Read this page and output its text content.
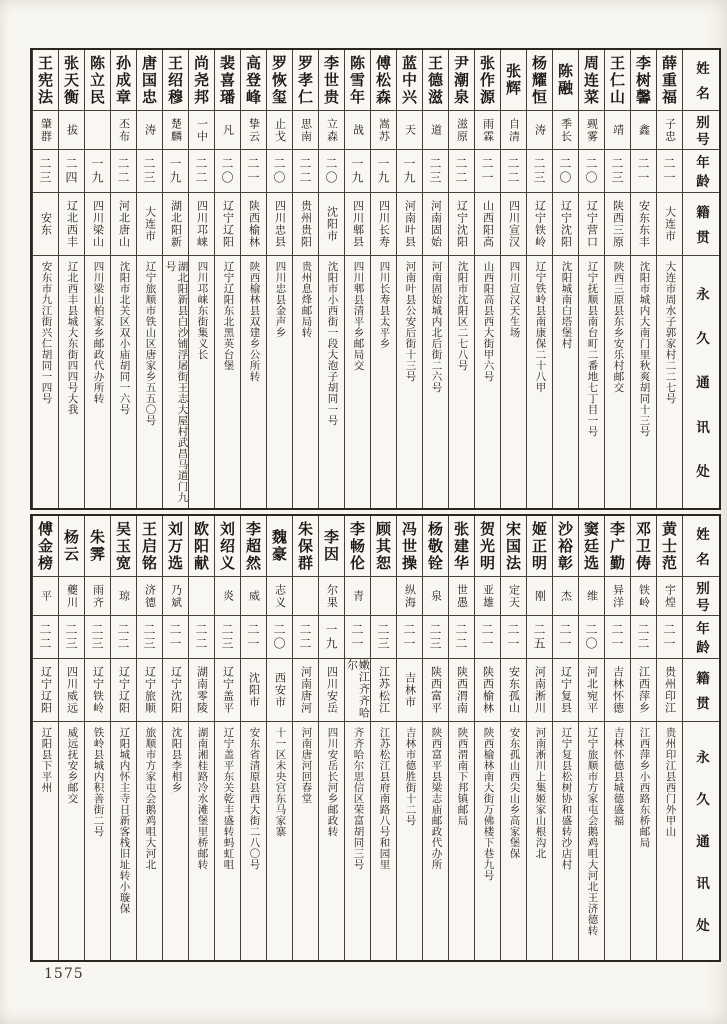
姓
名
别
号
年
龄
籍
贯
永
久
通
讯
处
薛重福
子忠
二一
大连市
大连市周水子郭家村二二七号
李树馨
鑫
二一
安东东丰
沈阳市城内大南门里秋爽胡同十三号
王仁山
靖
二三
陕西三原
陕西三原县东乡安乐村邮交
周连菜
觋雾
二〇
辽宁营口
辽宁抚顺县南台町二番地七丁目一号
陈融
季长
二〇
辽宁沈阳
沈阳城南白塔堡村
杨耀恒
涛
二三
辽宁铁岭
辽宁铁岭县南康保二十八甲
张辉
自清
二二
四川宣汉
四川宣汉天生场
张作源
雨霖
二一
山西阳高
山西阳高县西大街甲六号
尹潮泉
滋原
二二
辽宁沈阳
沈阳市沈阳区二七八号
王德滋
道
二三
河南固始
河南固始城内北后街二六号
蓝中兴
天
一九
河南叶县
河南叶县公安后街十三号
傅松森
嵩苏
一九
四川长寿
四川长寿县太平乡
陈雪年
战
一九
四川郫县
四川郫县清平乡邮局交
李世贵
立森
二〇
沈阳市
沈阳市小西街一段大泡子胡同一号
罗孝仁
思南
二二
贵州贵阳
贵州息烽邮局转
罗恢玺
止戈
二〇
四川忠县
四川忠县金声乡
高登峰
挚云
二一
陕西榆林
陕西榆林县双建乡公所转
裴喜璠
凡
二〇
辽宁辽阳
辽宁辽阳东北黑英台堡
尚尧邦
一中
二二
四川邛崃
四川邛崃东街集义长
王绍穆
楚麟
一九
湖北阳新
湖北阳新县白沙铺浮屠街王志大屋村武昌马道门九号
唐国忠
涛
二三
大连市
辽宁旅顺市铁山区唐家乡五五〇号
孙成章
丕布
二二
河北唐山
沈阳市北关区双小庙胡同一六号
陈立民
一九
四川梁山
四川梁山柏家乡邮政代办所转
张天衡
拔
二四
辽北西丰
辽北西丰县城大东街四四号大我
王宪法
肇群
二三
安东
安东市九江街兴仁胡同一四号
姓
名
别
号
年
龄
籍
贯
永
久
通
讯
处
黄士范
宇煌
二一
贵州印江
贵州印江县西门外甲山
邓卫俦
铁岭
二二
江西萍乡
江西萍乡小西路东桥邮局
李广勤
异洋
二一
吉林怀德
吉林怀德县城德盛福
窦廷选
维
二〇
河北宛平
辽宁旅顺市方家屯会鹅鸡咀大河北王济德转
沙裕彰
杰
二一
辽宁复县
辽宁复县松树协和盛转沙店村
姬正明
刚
二五
河南淅川
河南淅川上集姬家山根沟北
宋国法
定天
二一
安东孤山
安东孤山西尖山乡高家堡保
贺光明
亚雄
二一
陕西榆林
陕西榆林南大街万佛楼下巷九号
张建华
世愚
二二
陕西渭南
陕西渭南下邦镇邮局
杨敬铨
泉
二三
陕西富平
陕西富平县梁志庙邮政代办所
冯世操
纵海
二一
吉林市
吉林市德胜街十二号
顾其恕
二三
江苏松江
江苏松江县府南路八号和园里
李畅伦
青
二一
嫩江齐齐哈尔
齐齐哈尔思信区荣富胡同三号
李因
尔果
一九
四川安岳
四川安岳长河乡邮政转
朱保群
二二
河南唐河
河南唐河回春堂
魏豪
志义
二〇
西安市
十一区未央宫东马家寨
李超然
威
二一
沈阳市
安东省清原县西大街二八〇号
刘绍义
炎
二三
辽宁盖平
辽宁盖平东关乾丰盛转蚂虹咀
欧阳献
二二
湖南零陵
湖南湘桂路冷水滩堡里桥邮转
刘万选
乃斌
二一
辽宁沈阳
沈阳县李相乡
王启铭
济德
二三
辽宁旅顺
旅顺市方家屯会鹅鸡咀大河北
吴玉宽
琼
二二
辽宁辽阳
辽阳城内怀主寺日新客栈旧址转小璇保
朱霁
雨齐
二三
辽宁铁岭
铁岭县城内积善街二号
杨云
夔川
二三
四川威远
威远抚安乡邮交
傅金榜
平
二二
辽宁辽阳
辽阳县下平州
1575
